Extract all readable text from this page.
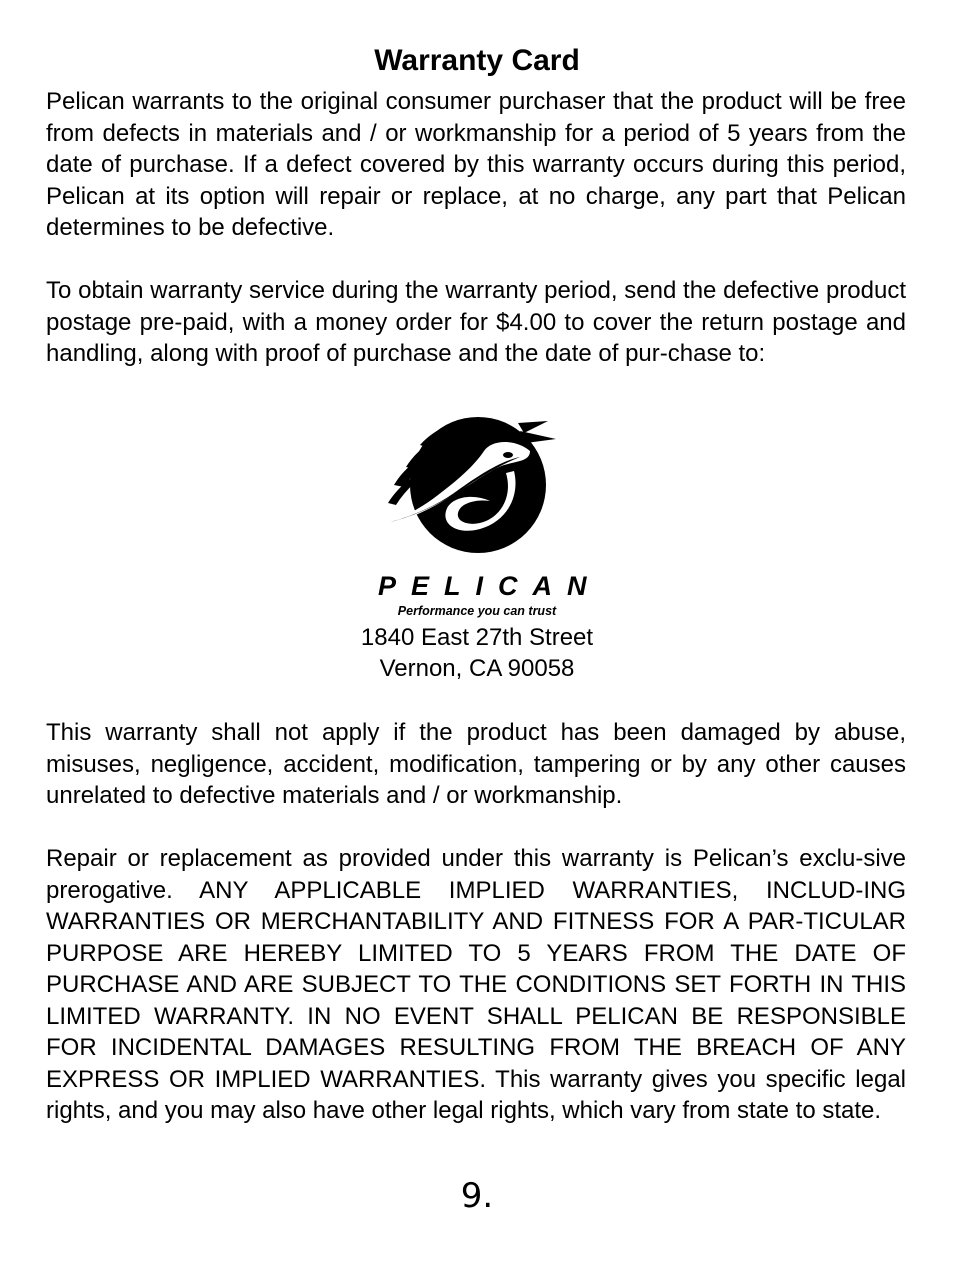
Warranty Card

Pelican warrants to the original consumer purchaser that the product will be free from defects in materials and / or workmanship for a period of 5 years from the date of purchase. If a defect covered by this warranty occurs during this period, Pelican at its option will repair or replace, at no charge, any part that Pelican determines to be defective.

To obtain warranty service during the warranty period, send the defective product postage pre-paid, with a money order for $4.00 to cover the return postage and handling, along with proof of purchase and the date of pur-chase to:

PELICAN
Performance you can trust
1840 East 27th Street
Vernon, CA 90058

This warranty shall not apply if the product has been damaged by abuse, misuses, negligence, accident, modification, tampering or by any other causes unrelated to defective materials and / or workmanship.

Repair or replacement as provided under this warranty is Pelican’s exclu-sive prerogative. ANY APPLICABLE IMPLIED WARRANTIES, INCLUD-ING WARRANTIES OR MERCHANTABILITY AND FITNESS FOR A PAR-TICULAR PURPOSE ARE HEREBY LIMITED TO 5 YEARS FROM THE DATE OF PURCHASE AND ARE SUBJECT TO THE CONDITIONS SET FORTH IN THIS LIMITED WARRANTY. IN NO EVENT SHALL PELICAN BE RESPONSIBLE FOR INCIDENTAL DAMAGES RESULTING FROM THE BREACH OF ANY EXPRESS OR IMPLIED WARRANTIES. This warranty gives you specific legal rights, and you may also have other legal rights, which vary from state to state.

9.
